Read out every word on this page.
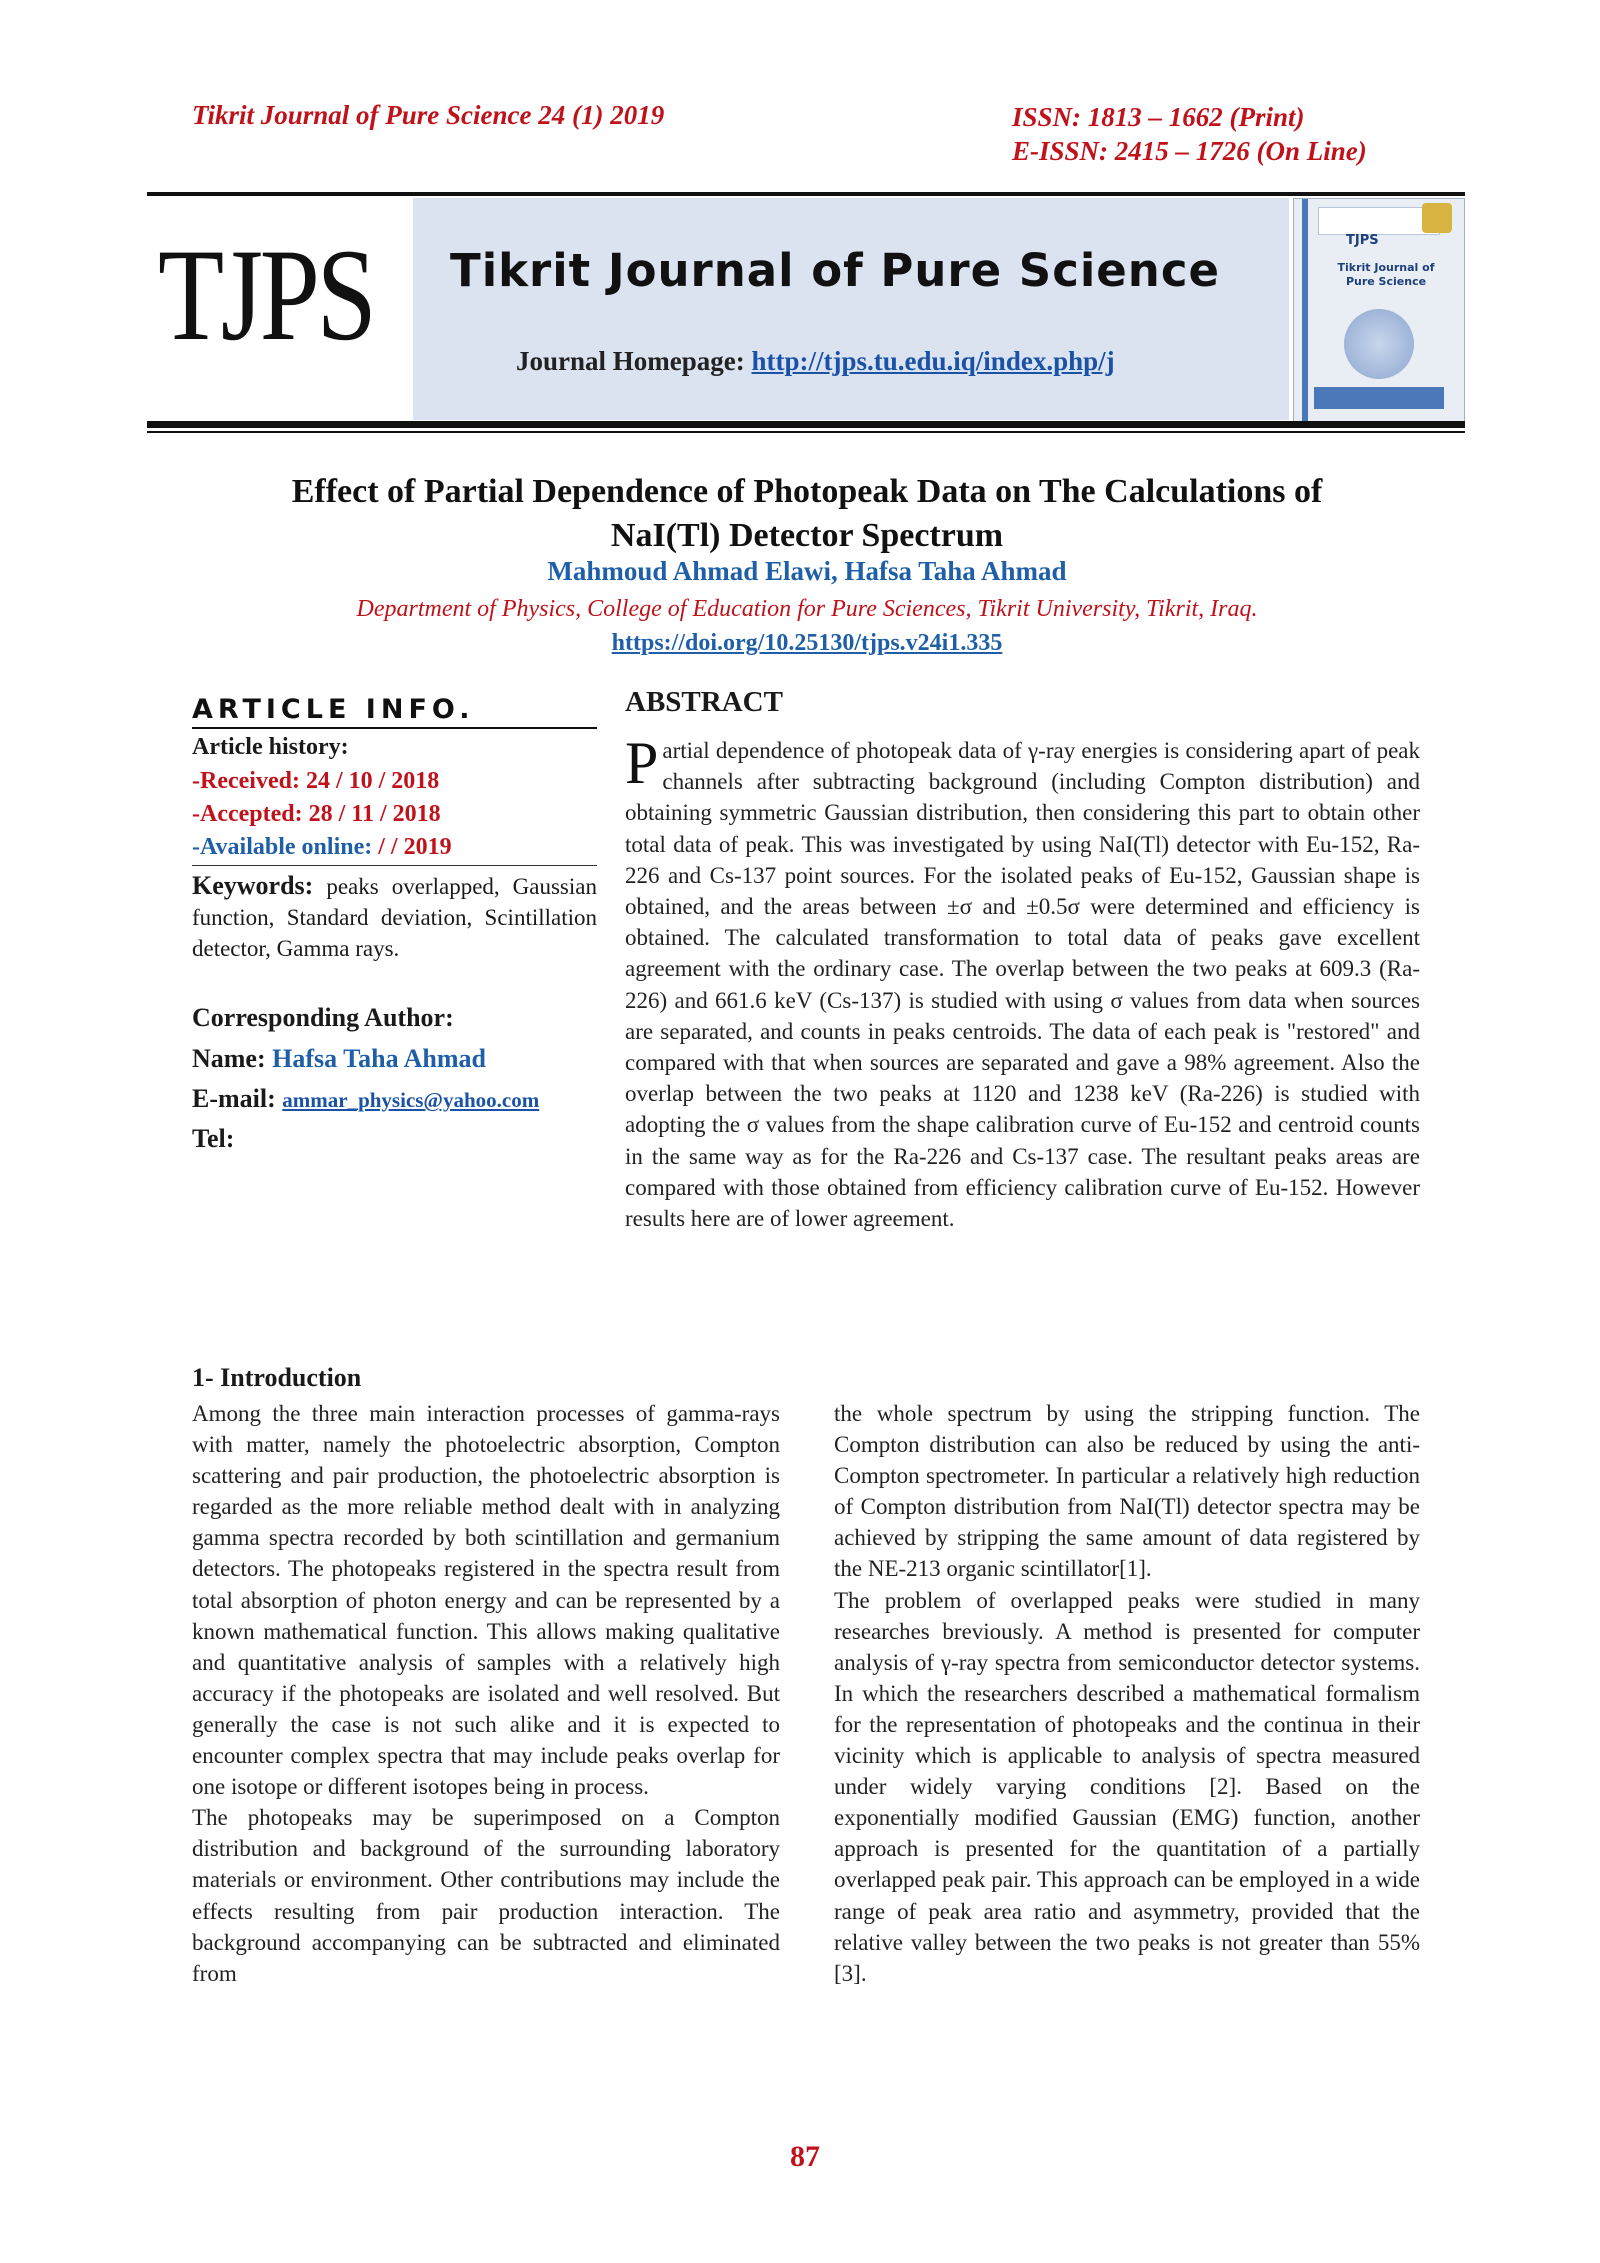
Tikrit Journal of Pure Science 24 (1) 2019	ISSN: 1813 – 1662 (Print)
E-ISSN: 2415 – 1726 (On Line)
TJPS Tikrit Journal of Pure Science
Journal Homepage: http://tjps.tu.edu.iq/index.php/j
TJPS
Tikrit Journal of Pure Science
Effect of Partial Dependence of Photopeak Data on The Calculations of
NaI(Tl) Detector Spectrum
Mahmoud Ahmad Elawi, Hafsa Taha Ahmad
Department of Physics, College of Education for Pure Sciences, Tikrit University, Tikrit, Iraq.
https://doi.org/10.25130/tjps.v24i1.335
ARTICLE INFO.
Article history:
-Received: 24 / 10 / 2018
-Accepted: 28 / 11 / 2018
-Available online: / / 2019
Keywords: peaks overlapped, Gaussian function, Standard deviation, Scintillation detector, Gamma rays.
Corresponding Author:
Name: Hafsa Taha Ahmad
E-mail: ammar_physics@yahoo.com
Tel:
ABSTRACT
Partial dependence of photopeak data of γ-ray energies is considering apart of peak channels after subtracting background (including Compton distribution) and obtaining symmetric Gaussian distribution, then considering this part to obtain other total data of peak. This was investigated by using NaI(Tl) detector with Eu-152, Ra-226 and Cs-137 point sources. For the isolated peaks of Eu-152, Gaussian shape is obtained, and the areas between ±σ and ±0.5σ were determined and efficiency is obtained. The calculated transformation to total data of peaks gave excellent agreement with the ordinary case. The overlap between the two peaks at 609.3 (Ra-226) and 661.6 keV (Cs-137) is studied with using σ values from data when sources are separated, and counts in peaks centroids. The data of each peak is "restored" and compared with that when sources are separated and gave a 98% agreement. Also the overlap between the two peaks at 1120 and 1238 keV (Ra-226) is studied with adopting the σ values from the shape calibration curve of Eu-152 and centroid counts in the same way as for the Ra-226 and Cs-137 case. The resultant peaks areas are compared with those obtained from efficiency calibration curve of Eu-152. However results here are of lower agreement.
1- Introduction

Among the three main interaction processes of gamma-rays with matter, namely the photoelectric absorption, Compton scattering and pair production, the photoelectric absorption is regarded as the more reliable method dealt with in analyzing gamma spectra recorded by both scintillation and germanium detectors. The photopeaks registered in the spectra result from total absorption of photon energy and can be represented by a known mathematical function. This allows making qualitative and quantitative analysis of samples with a relatively high accuracy if the photopeaks are isolated and well resolved. But generally the case is not such alike and it is expected to encounter complex spectra that may include peaks overlap for one isotope or different isotopes being in process.

The photopeaks may be superimposed on a Compton distribution and background of the surrounding laboratory materials or environment. Other contributions may include the effects resulting from pair production interaction. The background accompanying can be subtracted and eliminated from

the whole spectrum by using the stripping function. The Compton distribution can also be reduced by using the anti-Compton spectrometer. In particular a relatively high reduction of Compton distribution from NaI(Tl) detector spectra may be achieved by stripping the same amount of data registered by the NE-213 organic scintillator[1].

The problem of overlapped peaks were studied in many researches breviously. A method is presented for computer analysis of γ-ray spectra from semiconductor detector systems. In which the researchers described a mathematical formalism for the representation of photopeaks and the continua in their vicinity which is applicable to analysis of spectra measured under widely varying conditions [2]. Based on the exponentially modified Gaussian (EMG) function, another approach is presented for the quantitation of a partially overlapped peak pair. This approach can be employed in a wide range of peak area ratio and asymmetry, provided that the relative valley between the two peaks is not greater than 55% [3].

87
